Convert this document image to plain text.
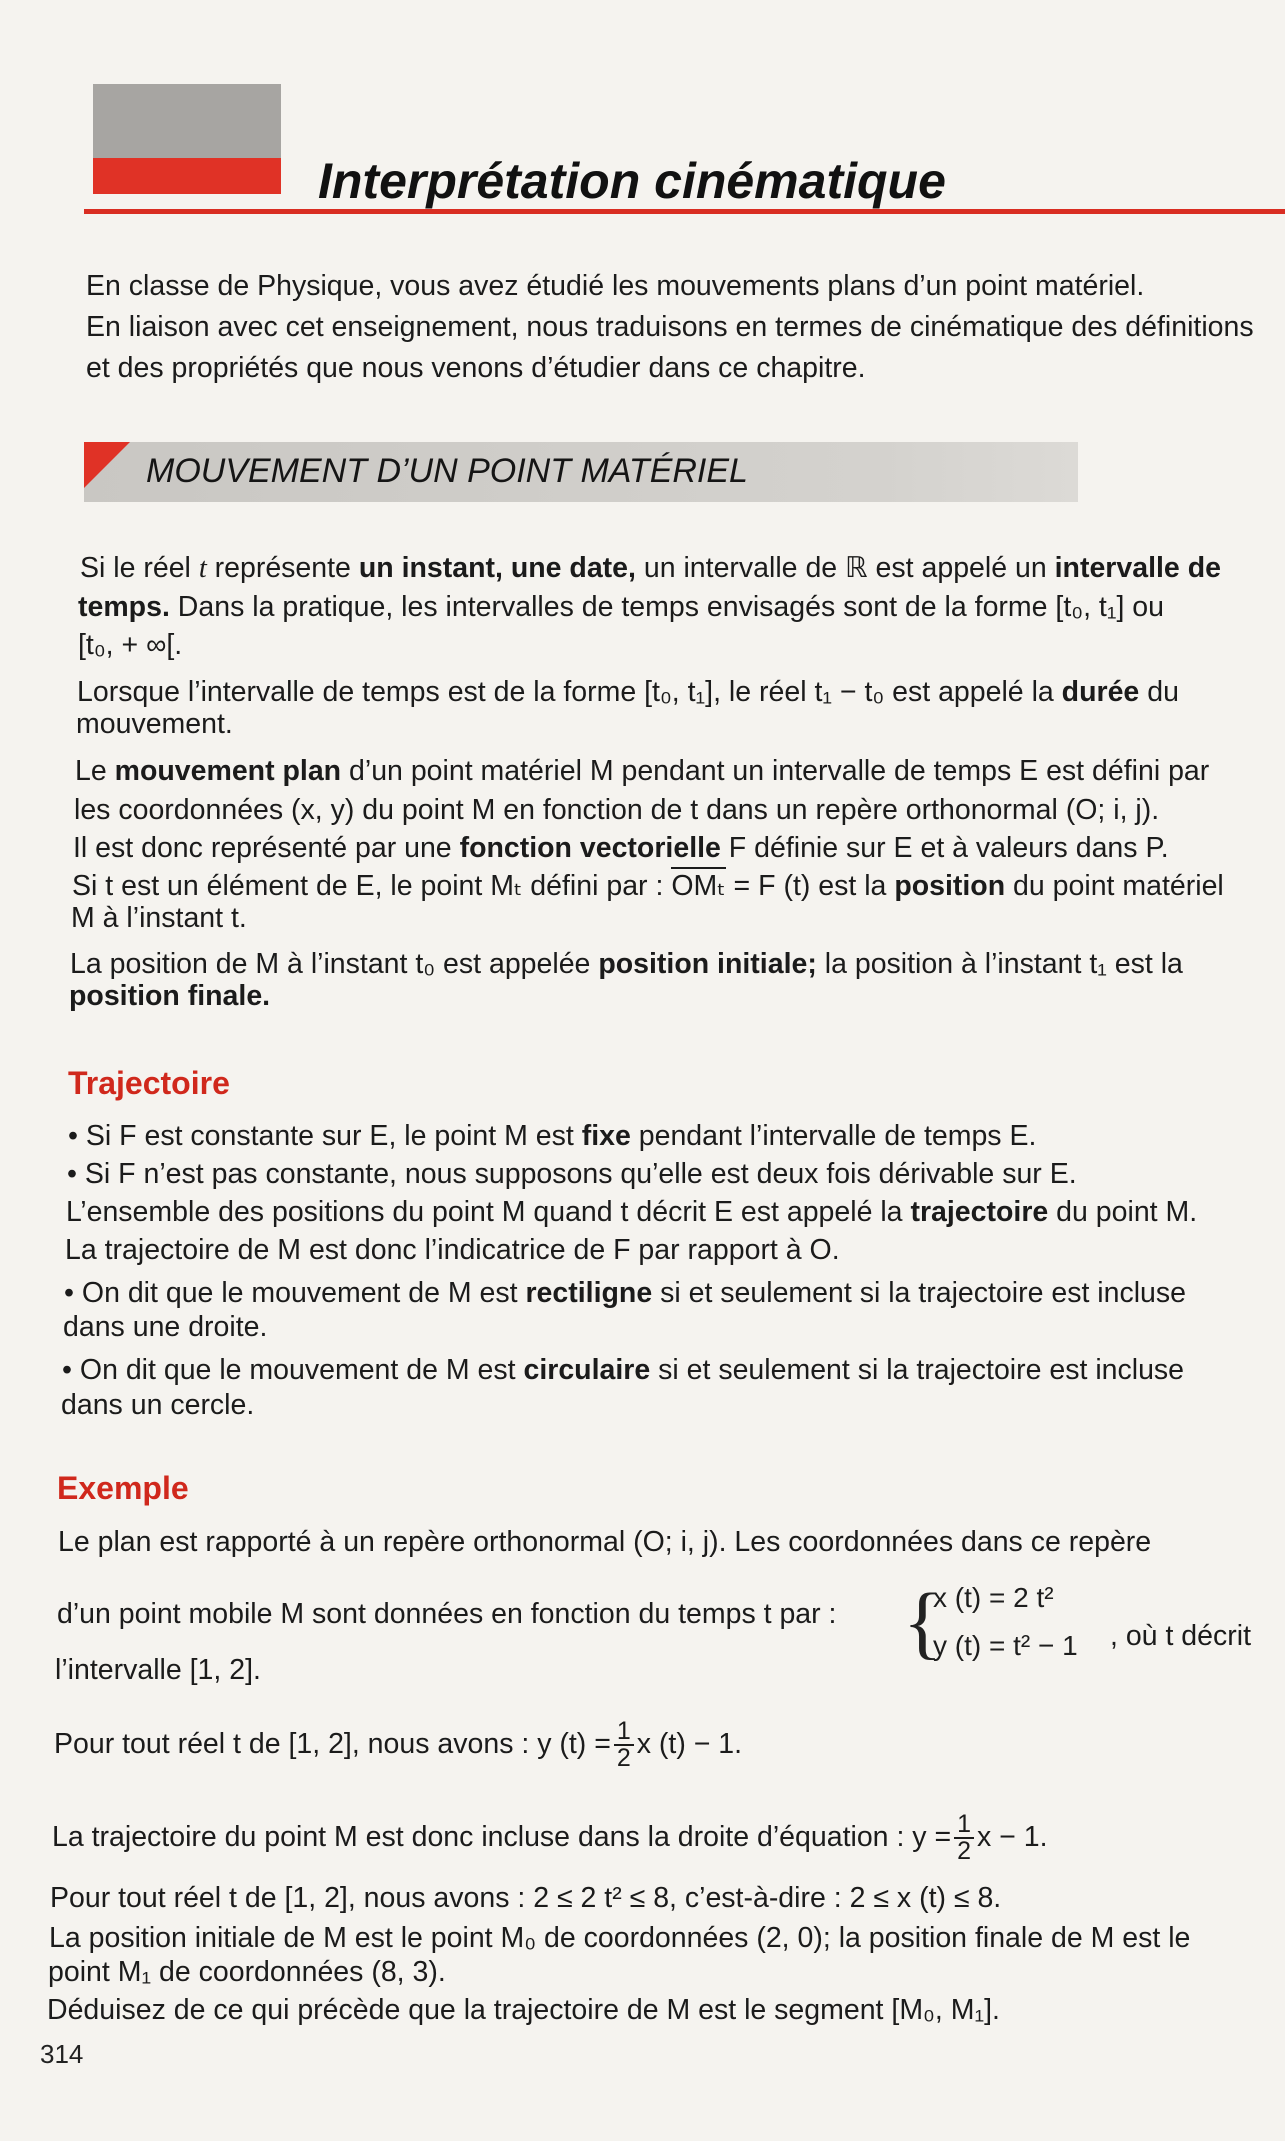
Interprétation cinématique
En classe de Physique, vous avez étudié les mouvements plans d’un point matériel.
En liaison avec cet enseignement, nous traduisons en termes de cinématique des définitions
et des propriétés que nous venons d’étudier dans ce chapitre.
MOUVEMENT D’UN POINT MATÉRIEL
Si le réel t représente un instant, une date, un intervalle de ℝ est appelé un intervalle de
temps. Dans la pratique, les intervalles de temps envisagés sont de la forme [t₀, t₁] ou
[t₀, + ∞[.
Lorsque l’intervalle de temps est de la forme [t₀, t₁], le réel t₁ − t₀ est appelé la durée du
mouvement.
Le mouvement plan d’un point matériel M pendant un intervalle de temps E est défini par
les coordonnées (x, y) du point M en fonction de t dans un repère orthonormal (O; i, j).
Il est donc représenté par une fonction vectorielle F définie sur E et à valeurs dans P.
Si t est un élément de E, le point Mₜ défini par : OMₜ = F (t) est la position du point matériel
M à l’instant t.
La position de M à l’instant t₀ est appelée position initiale; la position à l’instant t₁ est la
position finale.
Trajectoire
• Si F est constante sur E, le point M est fixe pendant l’intervalle de temps E.
• Si F n’est pas constante, nous supposons qu’elle est deux fois dérivable sur E.
L’ensemble des positions du point M quand t décrit E est appelé la trajectoire du point M.
La trajectoire de M est donc l’indicatrice de F par rapport à O.
• On dit que le mouvement de M est rectiligne si et seulement si la trajectoire est incluse
dans une droite.
• On dit que le mouvement de M est circulaire si et seulement si la trajectoire est incluse
dans un cercle.
Exemple
Le plan est rapporté à un repère orthonormal (O; i, j). Les coordonnées dans ce repère
d’un point mobile M sont données en fonction du temps t par : {
x (t) = 2 t²
y (t) = t² − 1 , où t décrit
l’intervalle [1, 2].
Pour tout réel t de [1, 2], nous avons : y $(t) = \frac{1}{2}$ x (t) − 1.
La trajectoire du point M est donc incluse dans la droite d’équation : $y = \frac{1}{2}$ x − 1.
Pour tout réel t de [1, 2], nous avons : 2 ≤ 2 t² ≤ 8, c’est-à-dire : 2 ≤ x (t) ≤ 8.
La position initiale de M est le point M₀ de coordonnées (2, 0); la position finale de M est le
point M₁ de coordonnées (8, 3).
Déduisez de ce qui précède que la trajectoire de M est le segment [M₀, M₁].
314
